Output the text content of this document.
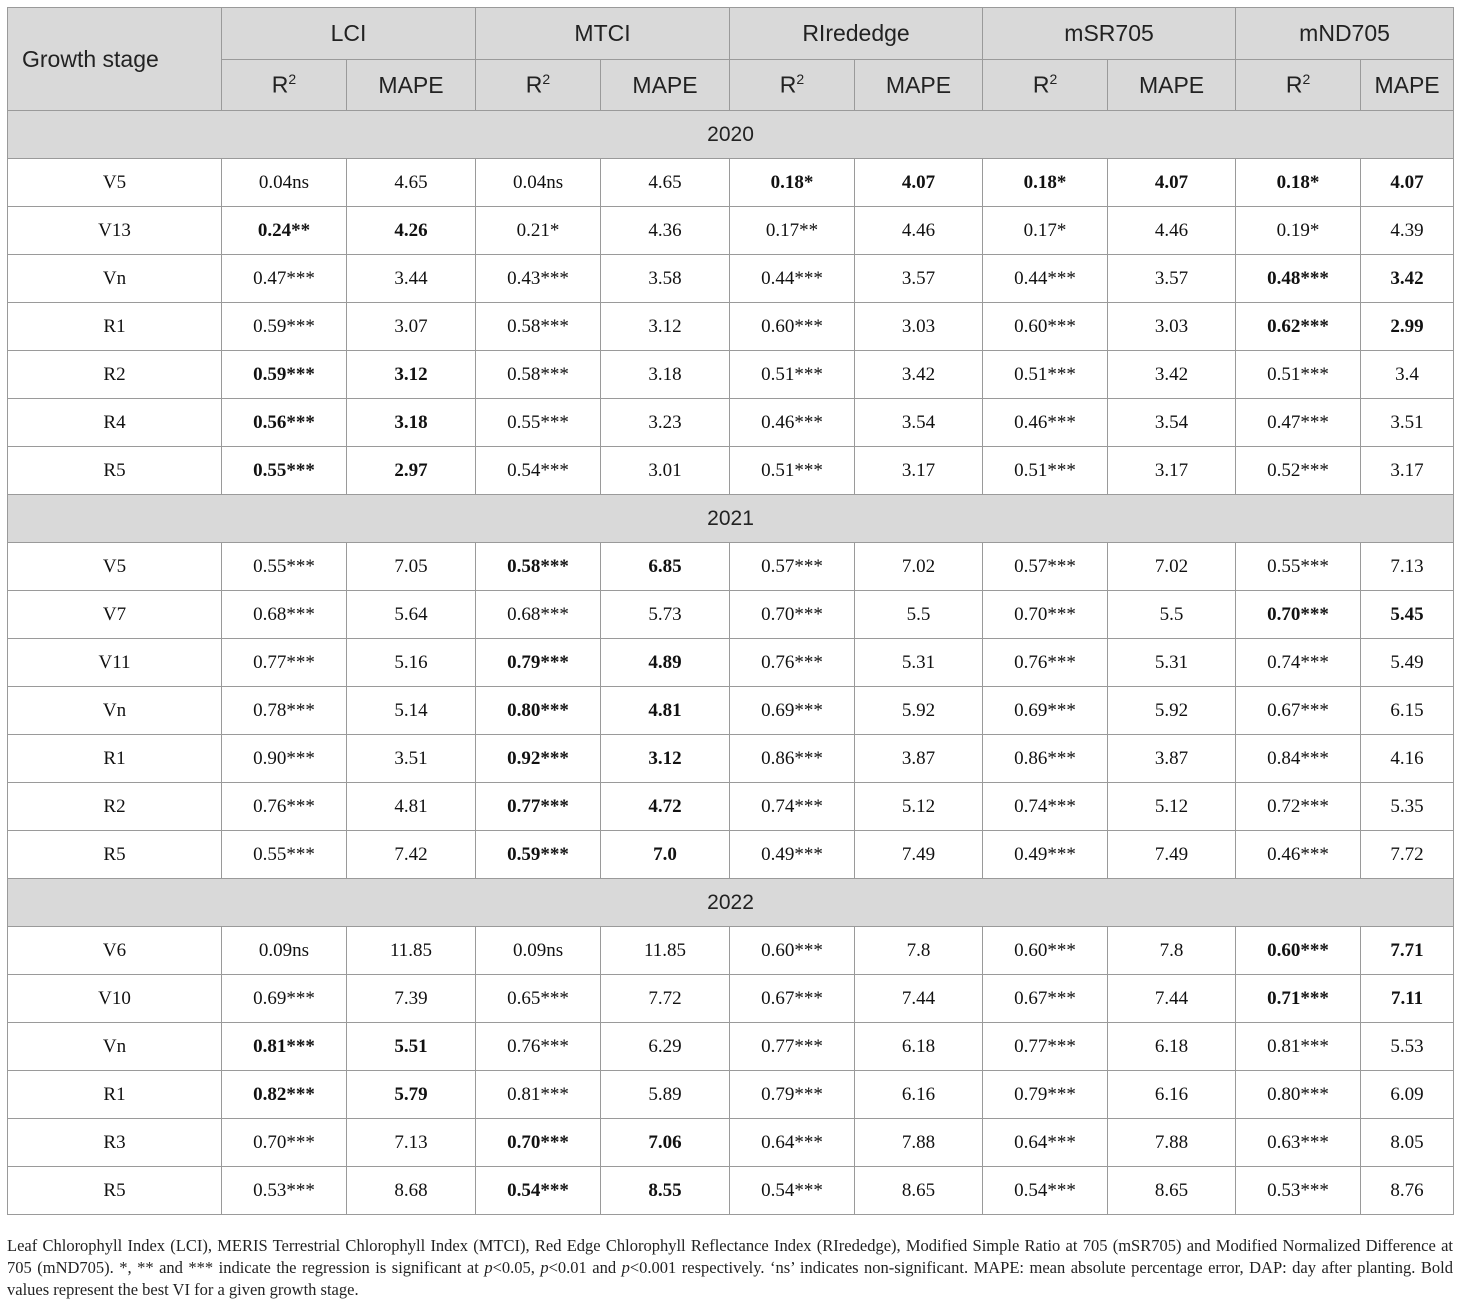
Growth stage	LCI		MTCI		RIrededge		mSR705		mND705	
	$R^2$	MAPE	$R^2$	MAPE	$R^2$	MAPE	$R^2$	MAPE	$R^2$	MAPE
2020										
V5	0.04ns	4.65	0.04ns	4.65	0.18*	4.07	0.18*	4.07	0.18*	4.07
V13	0.24**	4.26	0.21*	4.36	0.17**	4.46	0.17*	4.46	0.19*	4.39
Vn	0.47***	3.44	0.43***	3.58	0.44***	3.57	0.44***	3.57	0.48***	3.42
R1	0.59***	3.07	0.58***	3.12	0.60***	3.03	0.60***	3.03	0.62***	2.99
R2	0.59***	3.12	0.58***	3.18	0.51***	3.42	0.51***	3.42	0.51***	3.4
R4	0.56***	3.18	0.55***	3.23	0.46***	3.54	0.46***	3.54	0.47***	3.51
R5	0.55***	2.97	0.54***	3.01	0.51***	3.17	0.51***	3.17	0.52***	3.17
2021										
V5	0.55***	7.05	0.58***	6.85	0.57***	7.02	0.57***	7.02	0.55***	7.13
V7	0.68***	5.64	0.68***	5.73	0.70***	5.5	0.70***	5.5	0.70***	5.45
V11	0.77***	5.16	0.79***	4.89	0.76***	5.31	0.76***	5.31	0.74***	5.49
Vn	0.78***	5.14	0.80***	4.81	0.69***	5.92	0.69***	5.92	0.67***	6.15
R1	0.90***	3.51	0.92***	3.12	0.86***	3.87	0.86***	3.87	0.84***	4.16
R2	0.76***	4.81	0.77***	4.72	0.74***	5.12	0.74***	5.12	0.72***	5.35
R5	0.55***	7.42	0.59***	7.0	0.49***	7.49	0.49***	7.49	0.46***	7.72
2022										
V6	0.09ns	11.85	0.09ns	11.85	0.60***	7.8	0.60***	7.8	0.60***	7.71
V10	0.69***	7.39	0.65***	7.72	0.67***	7.44	0.67***	7.44	0.71***	7.11
Vn	0.81***	5.51	0.76***	6.29	0.77***	6.18	0.77***	6.18	0.81***	5.53
R1	0.82***	5.79	0.81***	5.89	0.79***	6.16	0.79***	6.16	0.80***	6.09
R3	0.70***	7.13	0.70***	7.06	0.64***	7.88	0.64***	7.88	0.63***	8.05
R5	0.53***	8.68	0.54***	8.55	0.54***	8.65	0.54***	8.65	0.53***	8.76
Leaf Chlorophyll Index (LCI), MERIS Terrestrial Chlorophyll Index (MTCI), Red Edge Chlorophyll Reflectance Index (RIrededge), Modified Simple Ratio at 705 (mSR705) and Modified Normalized Difference at 705 (mND705). *, ** and *** indicate the regression is significant at p<0.05, p<0.01 and p<0.001 respectively. ‘ns’ indicates non-significant. MAPE: mean absolute percentage error, DAP: day after planting. Bold values represent the best VI for a given growth stage.
